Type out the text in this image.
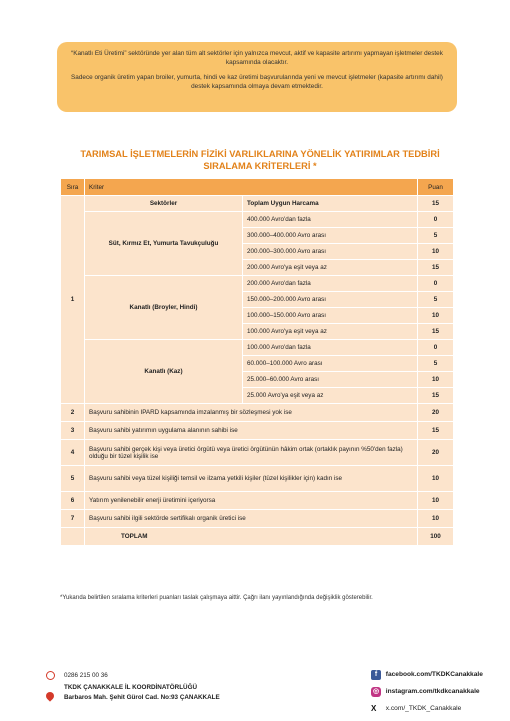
“Kanatlı Eti Üretimi” sektöründe yer alan tüm alt sektörler için yalnızca mevcut, aktif ve kapasite artırımı yapmayan işletmeler destek kapsamında olacaktır.

Sadece organik üretim yapan broiler, yumurta, hindi ve kaz üretimi başvurularında yeni ve mevcut işletmeler (kapasite artırımı dahil) destek kapsamında olmaya devam etmektedir.

TARIMSAL İŞLETMELERİN FİZİKİ VARLIKLARINA YÖNELİK YATIRIMLAR TEDBİRİ
SIRALAMA KRİTERLERİ *
Sıra	Kriter		Puan
1	Sektörler	Toplam Uygun Harcama	15
	Süt, Kırmız Et, Yumurta Tavukçuluğu	400.000 Avro'dan fazla	0
		300.000–400.000 Avro arası	5
		200.000–300.000 Avro arası	10
		200.000 Avro'ya eşit veya az	15
	Kanatlı (Broyler, Hindi)	200.000 Avro'dan fazla	0
		150.000–200.000 Avro arası	5
		100.000–150.000 Avro arası	10
		100.000 Avro'ya eşit veya az	15
	Kanatlı (Kaz)	100.000 Avro'dan fazla	0
		60.000–100.000 Avro arası	5
		25.000–60.000 Avro arası	10
		25.000 Avro'ya eşit veya az	15
2	Başvuru sahibinin IPARD kapsamında imzalanmış bir sözleşmesi yok ise		20
3	Başvuru sahibi yatırımın uygulama alanının sahibi ise		15
4	Başvuru sahibi gerçek kişi veya üretici örgütü veya üretici örgütünün hâkim ortak (ortaklık payının %50'den fazla) olduğu bir tüzel kişilik ise		20
5	Başvuru sahibi veya tüzel kişiliği temsil ve ilzama yetkili kişiler (tüzel kişilikler için) kadın ise		10
6	Yatırım yenilenebilir enerji üretimini içeriyorsa		10
7	Başvuru sahibi ilgili sektörde sertifikalı organik üretici ise		10
	TOPLAM		100
*Yukarıda belirtilen sıralama kriterleri puanları taslak çalışmaya aittir. Çağrı ilanı yayınlandığında değişiklik gösterebilir.
0286 215 00 36
TKDK ÇANAKKALE İL KOORDİNATÖRLÜĞÜ
Barbaros Mah. Şehit Gürol Cad. No:93 ÇANAKKALE
f facebook.com/TKDKCanakkale
◎ instagram.com/tkdkcanakkale
X x.com/_TKDK_Canakkale
